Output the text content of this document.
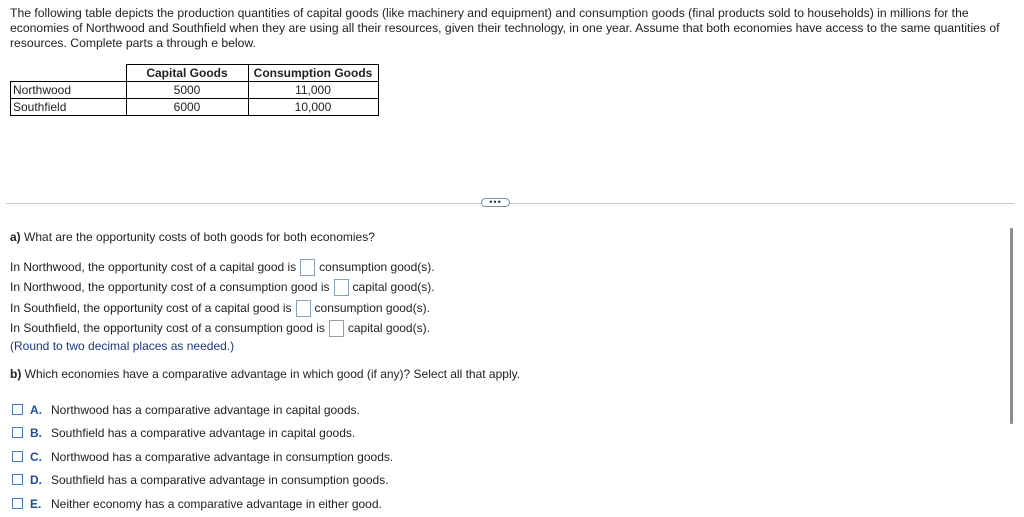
The following table depicts the production quantities of capital goods (like machinery and equipment) and consumption goods (final products sold to households) in millions for the economies of Northwood and Southfield when they are using all their resources, given their technology, in one year. Assume that both economies have access to the same quantities of resources. Complete parts a through e below.
	Capital Goods	Consumption Goods
Northwood	5000	11,000
Southfield	6000	10,000
•••
a) What are the opportunity costs of both goods for both economies?
In Northwood, the opportunity cost of a capital good is consumption good(s).
In Northwood, the opportunity cost of a consumption good is capital good(s).
In Southfield, the opportunity cost of a capital good is consumption good(s).
In Southfield, the opportunity cost of a consumption good is capital good(s).
(Round to two decimal places as needed.)
b) Which economies have a comparative advantage in which good (if any)? Select all that apply.
A. Northwood has a comparative advantage in capital goods.
B. Southfield has a comparative advantage in capital goods.
C. Northwood has a comparative advantage in consumption goods.
D. Southfield has a comparative advantage in consumption goods.
E. Neither economy has a comparative advantage in either good.
